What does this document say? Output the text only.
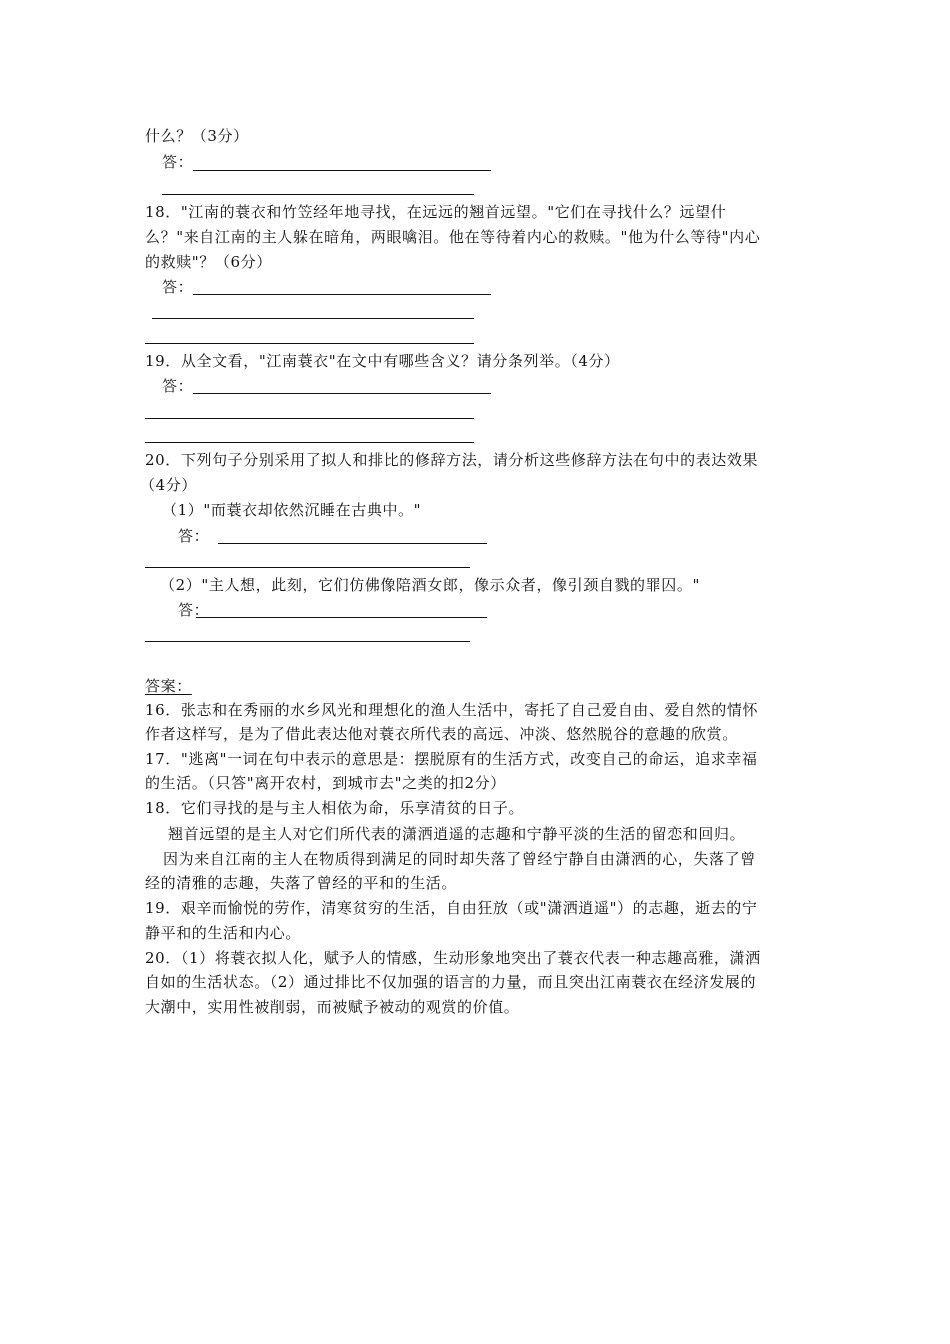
什么？（3分）
答：
18．"江南的蓑衣和竹笠经年地寻找，在远远的翘首远望。"它们在寻找什么？远望什
么？"来自江南的主人躲在暗角，两眼噙泪。他在等待着内心的救赎。"他为什么等待"内心
的救赎"？（6分）
答：
19．从全文看，"江南蓑衣"在文中有哪些含义？请分条列举。（4分）
答：
20．下列句子分别采用了拟人和排比的修辞方法，请分析这些修辞方法在句中的表达效果
（4分）
（1）"而蓑衣却依然沉睡在古典中。"
答：
（2）"主人想，此刻，它们仿佛像陪酒女郎，像示众者，像引颈自戮的罪囚。"
答：
答案：
16．张志和在秀丽的水乡风光和理想化的渔人生活中，寄托了自己爱自由、爱自然的情怀
作者这样写，是为了借此表达他对蓑衣所代表的高远、冲淡、悠然脱谷的意趣的欣赏。
17．"逃离"一词在句中表示的意思是：摆脱原有的生活方式，改变自己的命运，追求幸福
的生活。（只答"离开农村，到城市去"之类的扣2分）
18．它们寻找的是与主人相依为命，乐享清贫的日子。
翘首远望的是主人对它们所代表的潇洒逍遥的志趣和宁静平淡的生活的留恋和回归。
因为来自江南的主人在物质得到满足的同时却失落了曾经宁静自由潇洒的心，失落了曾
经的清雅的志趣，失落了曾经的平和的生活。
19．艰辛而愉悦的劳作，清寒贫穷的生活，自由狂放（或"潇洒逍遥"）的志趣，逝去的宁
静平和的生活和内心。
20．（1）将蓑衣拟人化，赋予人的情感，生动形象地突出了蓑衣代表一种志趣高雅，潇洒
自如的生活状态。（2）通过排比不仅加强的语言的力量，而且突出江南蓑衣在经济发展的
大潮中，实用性被削弱，而被赋予被动的观赏的价值。
